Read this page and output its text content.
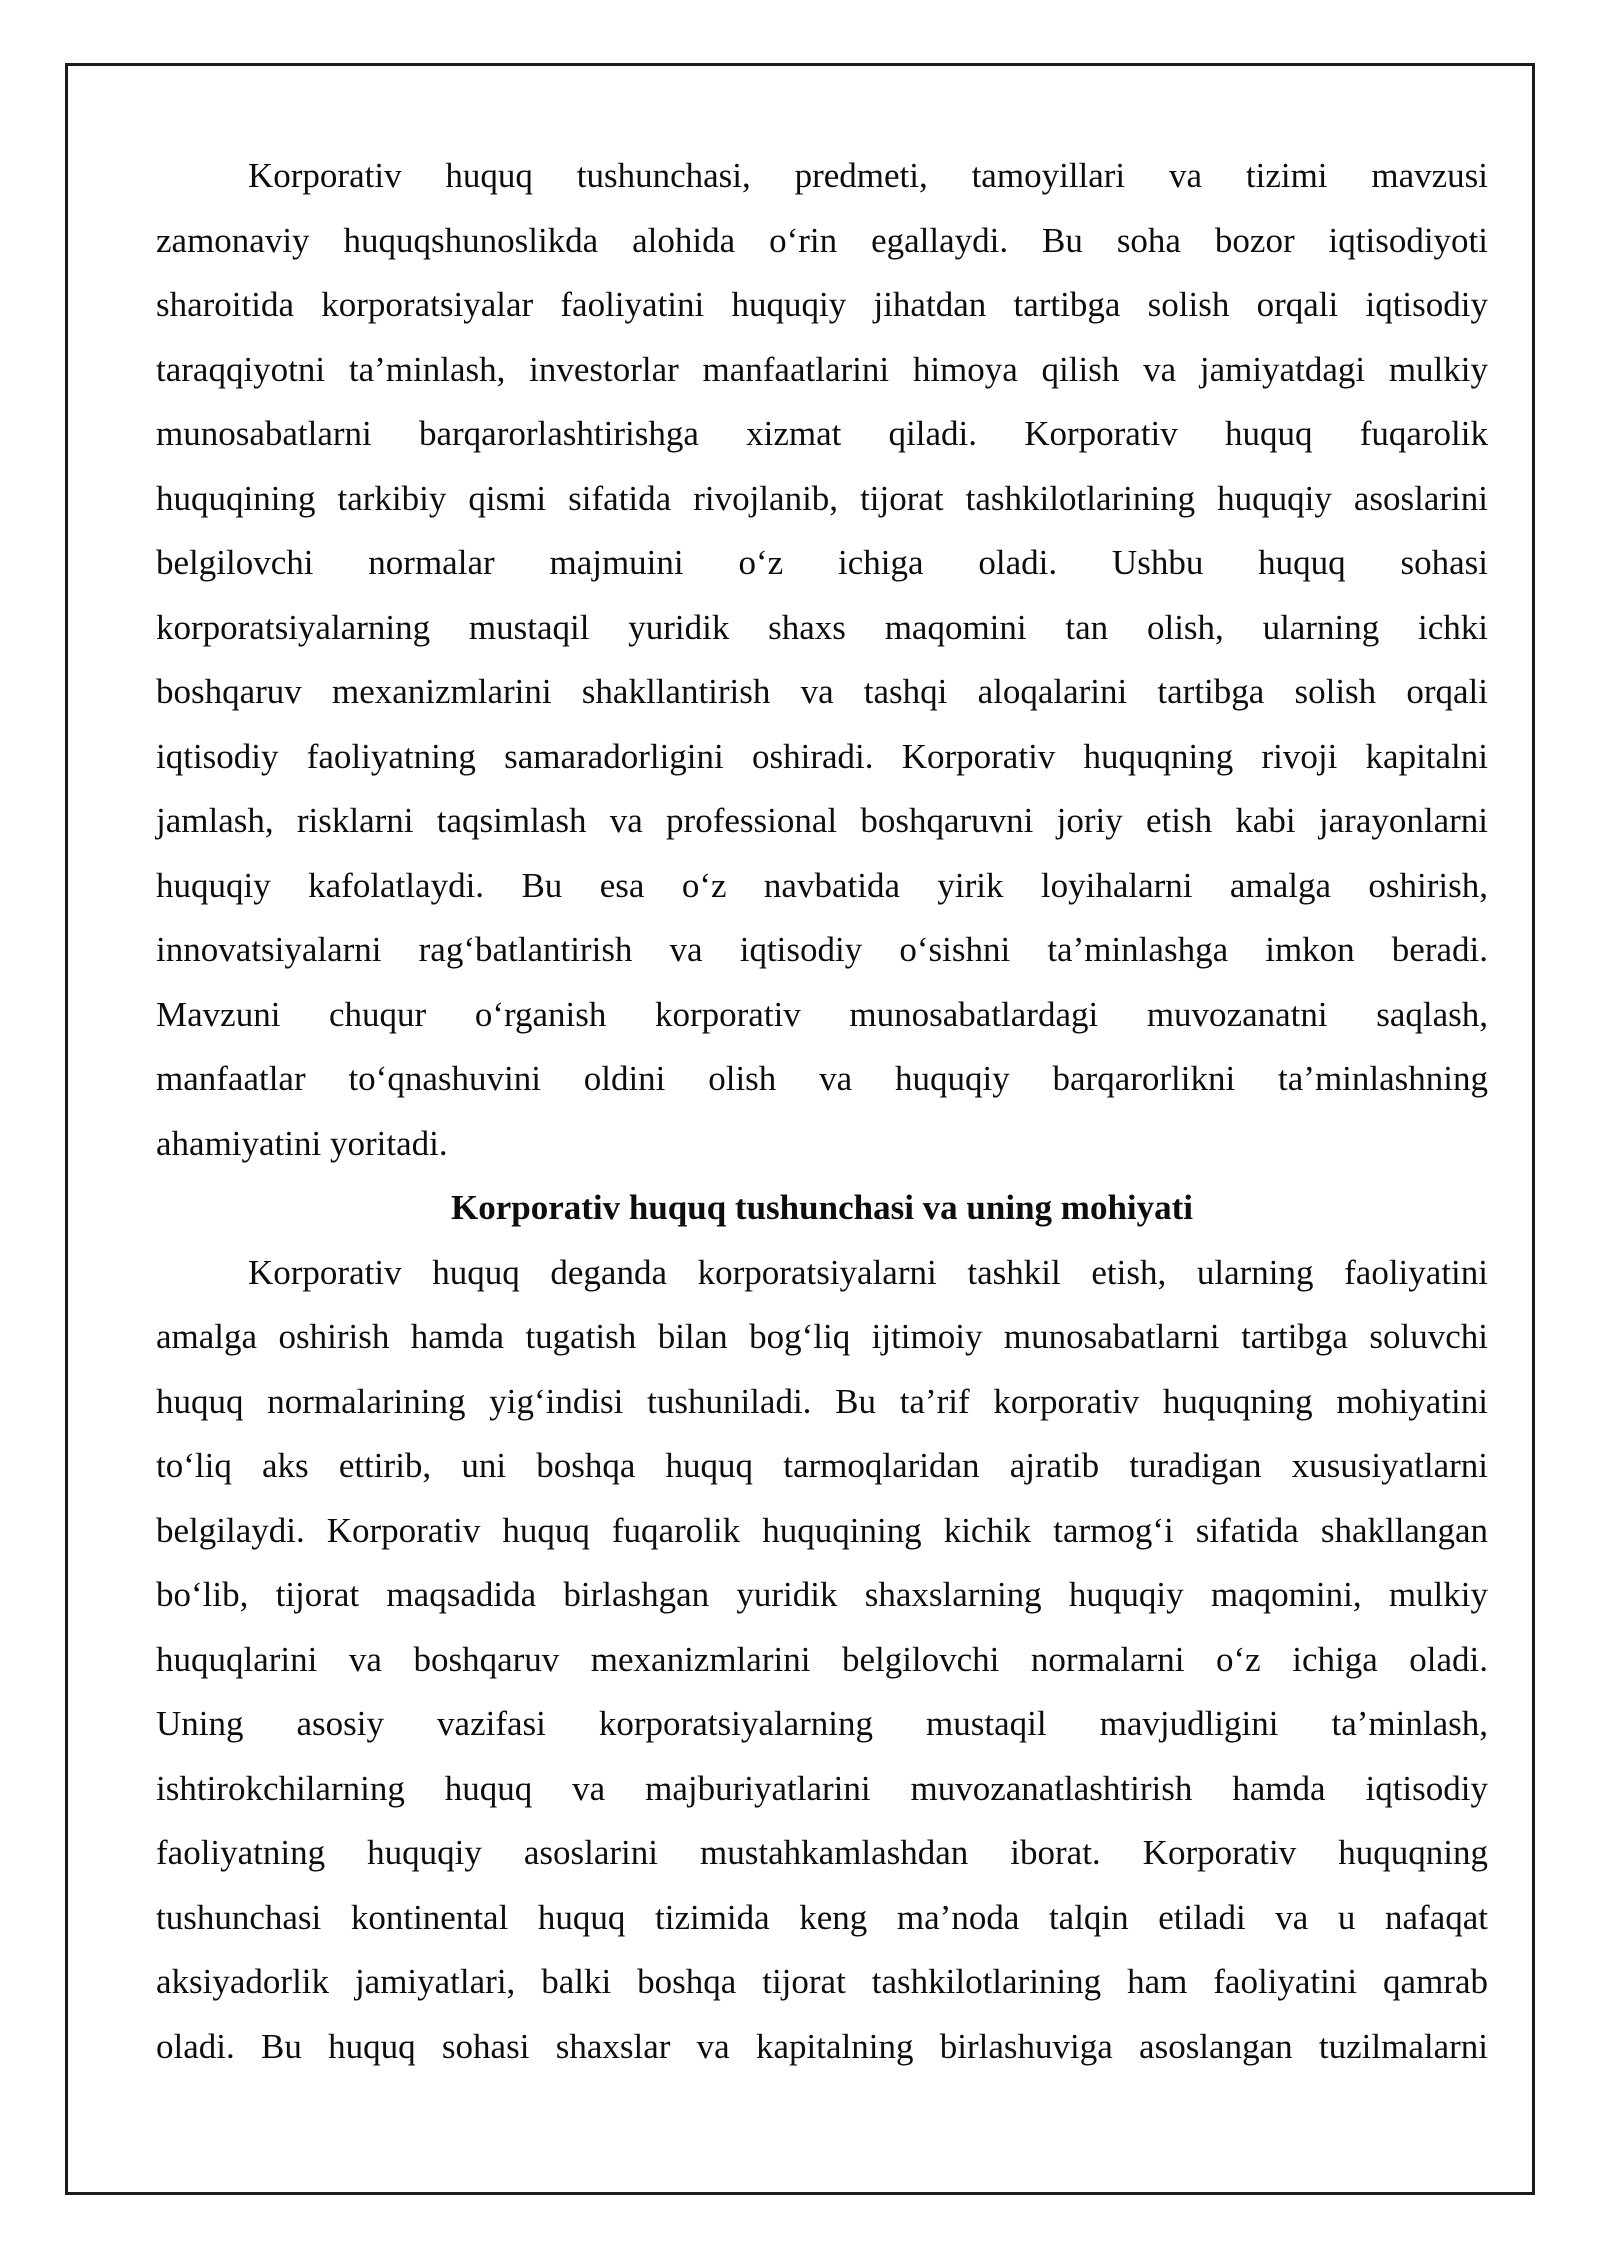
Korporativ huquq tushunchasi, predmeti, tamoyillari va tizimi mavzusi
zamonaviy huquqshunoslikda alohida o‘rin egallaydi. Bu soha bozor iqtisodiyoti
sharoitida korporatsiyalar faoliyatini huquqiy jihatdan tartibga solish orqali iqtisodiy
taraqqiyotni ta’minlash, investorlar manfaatlarini himoya qilish va jamiyatdagi mulkiy
munosabatlarni barqarorlashtirishga xizmat qiladi. Korporativ huquq fuqarolik
huquqining tarkibiy qismi sifatida rivojlanib, tijorat tashkilotlarining huquqiy asoslarini
belgilovchi normalar majmuini o‘z ichiga oladi. Ushbu huquq sohasi
korporatsiyalarning mustaqil yuridik shaxs maqomini tan olish, ularning ichki
boshqaruv mexanizmlarini shakllantirish va tashqi aloqalarini tartibga solish orqali
iqtisodiy faoliyatning samaradorligini oshiradi. Korporativ huquqning rivoji kapitalni
jamlash, risklarni taqsimlash va professional boshqaruvni joriy etish kabi jarayonlarni
huquqiy kafolatlaydi. Bu esa o‘z navbatida yirik loyihalarni amalga oshirish,
innovatsiyalarni rag‘batlantirish va iqtisodiy o‘sishni ta’minlashga imkon beradi.
Mavzuni chuqur o‘rganish korporativ munosabatlardagi muvozanatni saqlash,
manfaatlar to‘qnashuvini oldini olish va huquqiy barqarorlikni ta’minlashning
ahamiyatini yoritadi.
Korporativ huquq tushunchasi va uning mohiyati
Korporativ huquq deganda korporatsiyalarni tashkil etish, ularning faoliyatini
amalga oshirish hamda tugatish bilan bog‘liq ijtimoiy munosabatlarni tartibga soluvchi
huquq normalarining yig‘indisi tushuniladi. Bu ta’rif korporativ huquqning mohiyatini
to‘liq aks ettirib, uni boshqa huquq tarmoqlaridan ajratib turadigan xususiyatlarni
belgilaydi. Korporativ huquq fuqarolik huquqining kichik tarmog‘i sifatida shakllangan
bo‘lib, tijorat maqsadida birlashgan yuridik shaxslarning huquqiy maqomini, mulkiy
huquqlarini va boshqaruv mexanizmlarini belgilovchi normalarni o‘z ichiga oladi.
Uning asosiy vazifasi korporatsiyalarning mustaqil mavjudligini ta’minlash,
ishtirokchilarning huquq va majburiyatlarini muvozanatlashtirish hamda iqtisodiy
faoliyatning huquqiy asoslarini mustahkamlashdan iborat. Korporativ huquqning
tushunchasi kontinental huquq tizimida keng ma’noda talqin etiladi va u nafaqat
aksiyadorlik jamiyatlari, balki boshqa tijorat tashkilotlarining ham faoliyatini qamrab
oladi. Bu huquq sohasi shaxslar va kapitalning birlashuviga asoslangan tuzilmalarni
